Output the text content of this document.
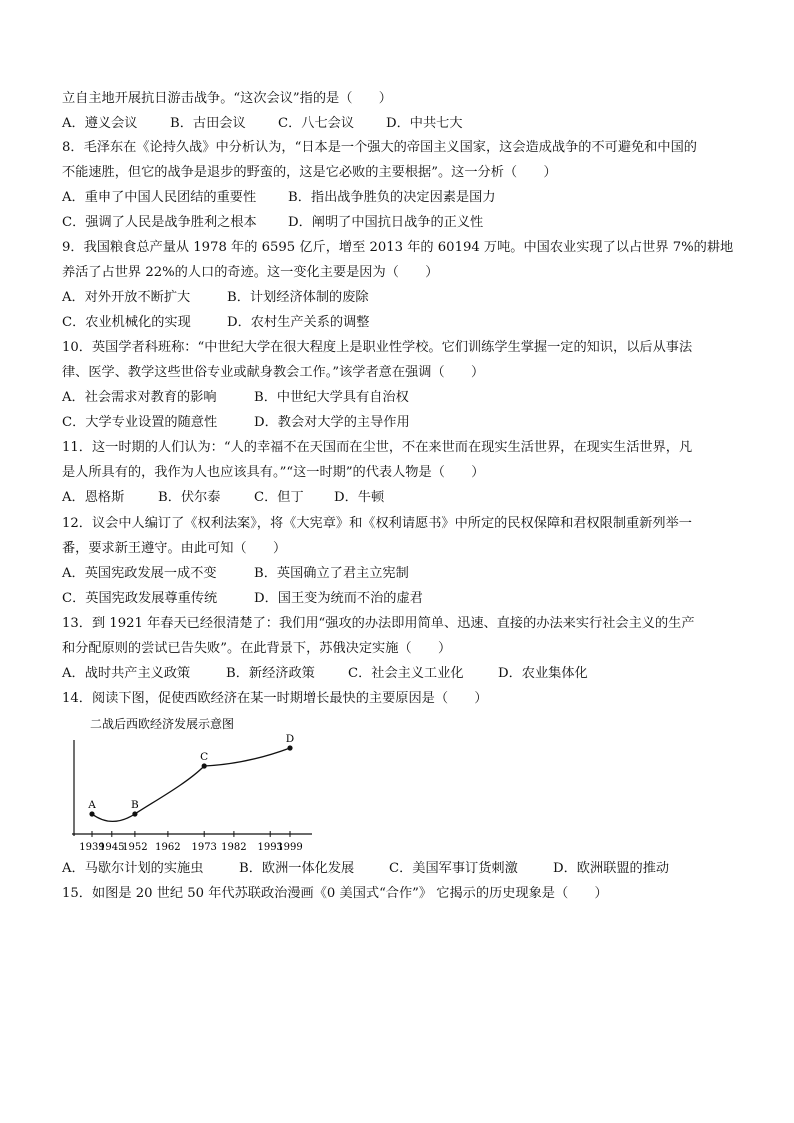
立自主地开展抗日游击战争。“这次会议”指的是（　　）
A．遵义会议 B．古田会议 C．八七会议 D．中共七大
8．毛泽东在《论持久战》中分析认为，“日本是一个强大的帝国主义国家，这会造成战争的不可避免和中国的
不能速胜，但它的战争是退步的野蛮的，这是它必败的主要根据”。这一分析（　　）
A．重申了中国人民团结的重要性 B．指出战争胜负的决定因素是国力
C．强调了人民是战争胜利之根本 D．阐明了中国抗日战争的正义性
9．我国粮食总产量从 1978 年的 6595 亿斤，增至 2013 年的 60194 万吨。中国农业实现了以占世界 7%的耕地
养活了占世界 22%的人口的奇迹。这一变化主要是因为（　　）
A．对外开放不断扩大	B．计划经济体制的废除
C．农业机械化的实现	D．农村生产关系的调整
10．英国学者科班称：“中世纪大学在很大程度上是职业性学校。它们训练学生掌握一定的知识，以后从事法
律、医学、教学这些世俗专业或献身教会工作。”该学者意在强调（　　）
A．社会需求对教育的影响	B．中世纪大学具有自治权
C．大学专业设置的随意性	D．教会对大学的主导作用
11．这一时期的人们认为：“人的幸福不在天国而在尘世，不在来世而在现实生活世界，在现实生活世界，凡
是人所具有的，我作为人也应该具有。”“这一时期”的代表人物是（　　）
A．恩格斯	B．伏尔泰	C．但丁 D．牛顿
12．议会中人编订了《权利法案》，将《大宪章》和《权利请愿书》中所定的民权保障和君权限制重新列举一
番，要求新王遵守。由此可知（　　）
A．英国宪政发展一成不变	B．英国确立了君主立宪制
C．英国宪政发展尊重传统	D．国王变为统而不治的虚君
13．到 1921 年春天已经很清楚了：我们用“强攻的办法即用简单、迅速、直接的办法来实行社会主义的生产
和分配原则的尝试已告失败”。在此背景下，苏俄决定实施（　　）
A．战时共产主义政策	B．新经济政策	C．社会主义工业化	D．农业集体化
14．阅读下图，促使西欧经济在某一时期增长最快的主要原因是（　　）
二战后西欧经济发展示意图
1939
1945
1952 1962 1973 1982 1993
1999
A	B
C
D
A．马歇尔计划的实施虫	B．欧洲一体化发展	C．美国军事订货刺激	D．欧洲联盟的推动
15．如图是 20 世纪 50 年代苏联政治漫画《0 美国式“合作”》 它揭示的历史现象是（　　）
